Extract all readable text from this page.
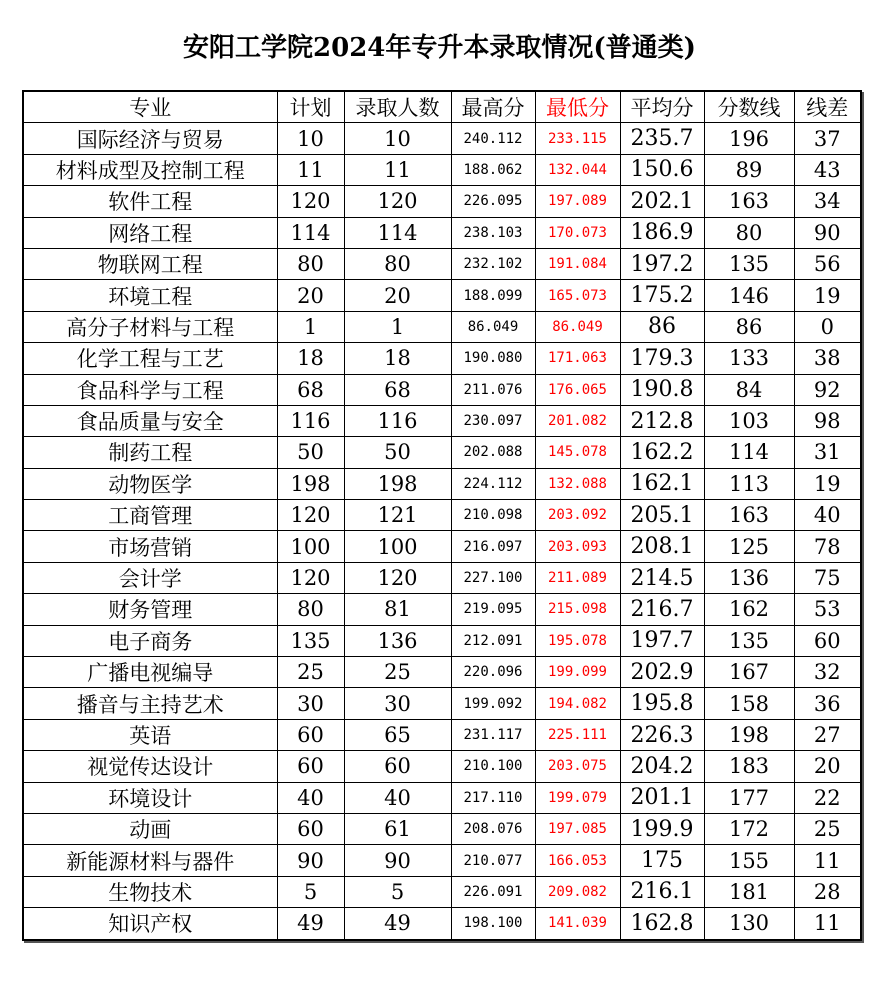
安阳工学院2024年专升本录取情况(普通类)
专业	计划	录取人数	最高分	最低分	平均分	分数线	线差
国际经济与贸易	10	10	240.112	233.115	235.7	196	37
材料成型及控制工程	11	11	188.062	132.044	150.6	89	43
软件工程	120	120	226.095	197.089	202.1	163	34
网络工程	114	114	238.103	170.073	186.9	80	90
物联网工程	80	80	232.102	191.084	197.2	135	56
环境工程	20	20	188.099	165.073	175.2	146	19
高分子材料与工程	1	1	86.049	86.049	86	86	0
化学工程与工艺	18	18	190.080	171.063	179.3	133	38
食品科学与工程	68	68	211.076	176.065	190.8	84	92
食品质量与安全	116	116	230.097	201.082	212.8	103	98
制药工程	50	50	202.088	145.078	162.2	114	31
动物医学	198	198	224.112	132.088	162.1	113	19
工商管理	120	121	210.098	203.092	205.1	163	40
市场营销	100	100	216.097	203.093	208.1	125	78
会计学	120	120	227.100	211.089	214.5	136	75
财务管理	80	81	219.095	215.098	216.7	162	53
电子商务	135	136	212.091	195.078	197.7	135	60
广播电视编导	25	25	220.096	199.099	202.9	167	32
播音与主持艺术	30	30	199.092	194.082	195.8	158	36
英语	60	65	231.117	225.111	226.3	198	27
视觉传达设计	60	60	210.100	203.075	204.2	183	20
环境设计	40	40	217.110	199.079	201.1	177	22
动画	60	61	208.076	197.085	199.9	172	25
新能源材料与器件	90	90	210.077	166.053	175	155	11
生物技术	5	5	226.091	209.082	216.1	181	28
知识产权	49	49	198.100	141.039	162.8	130	11
